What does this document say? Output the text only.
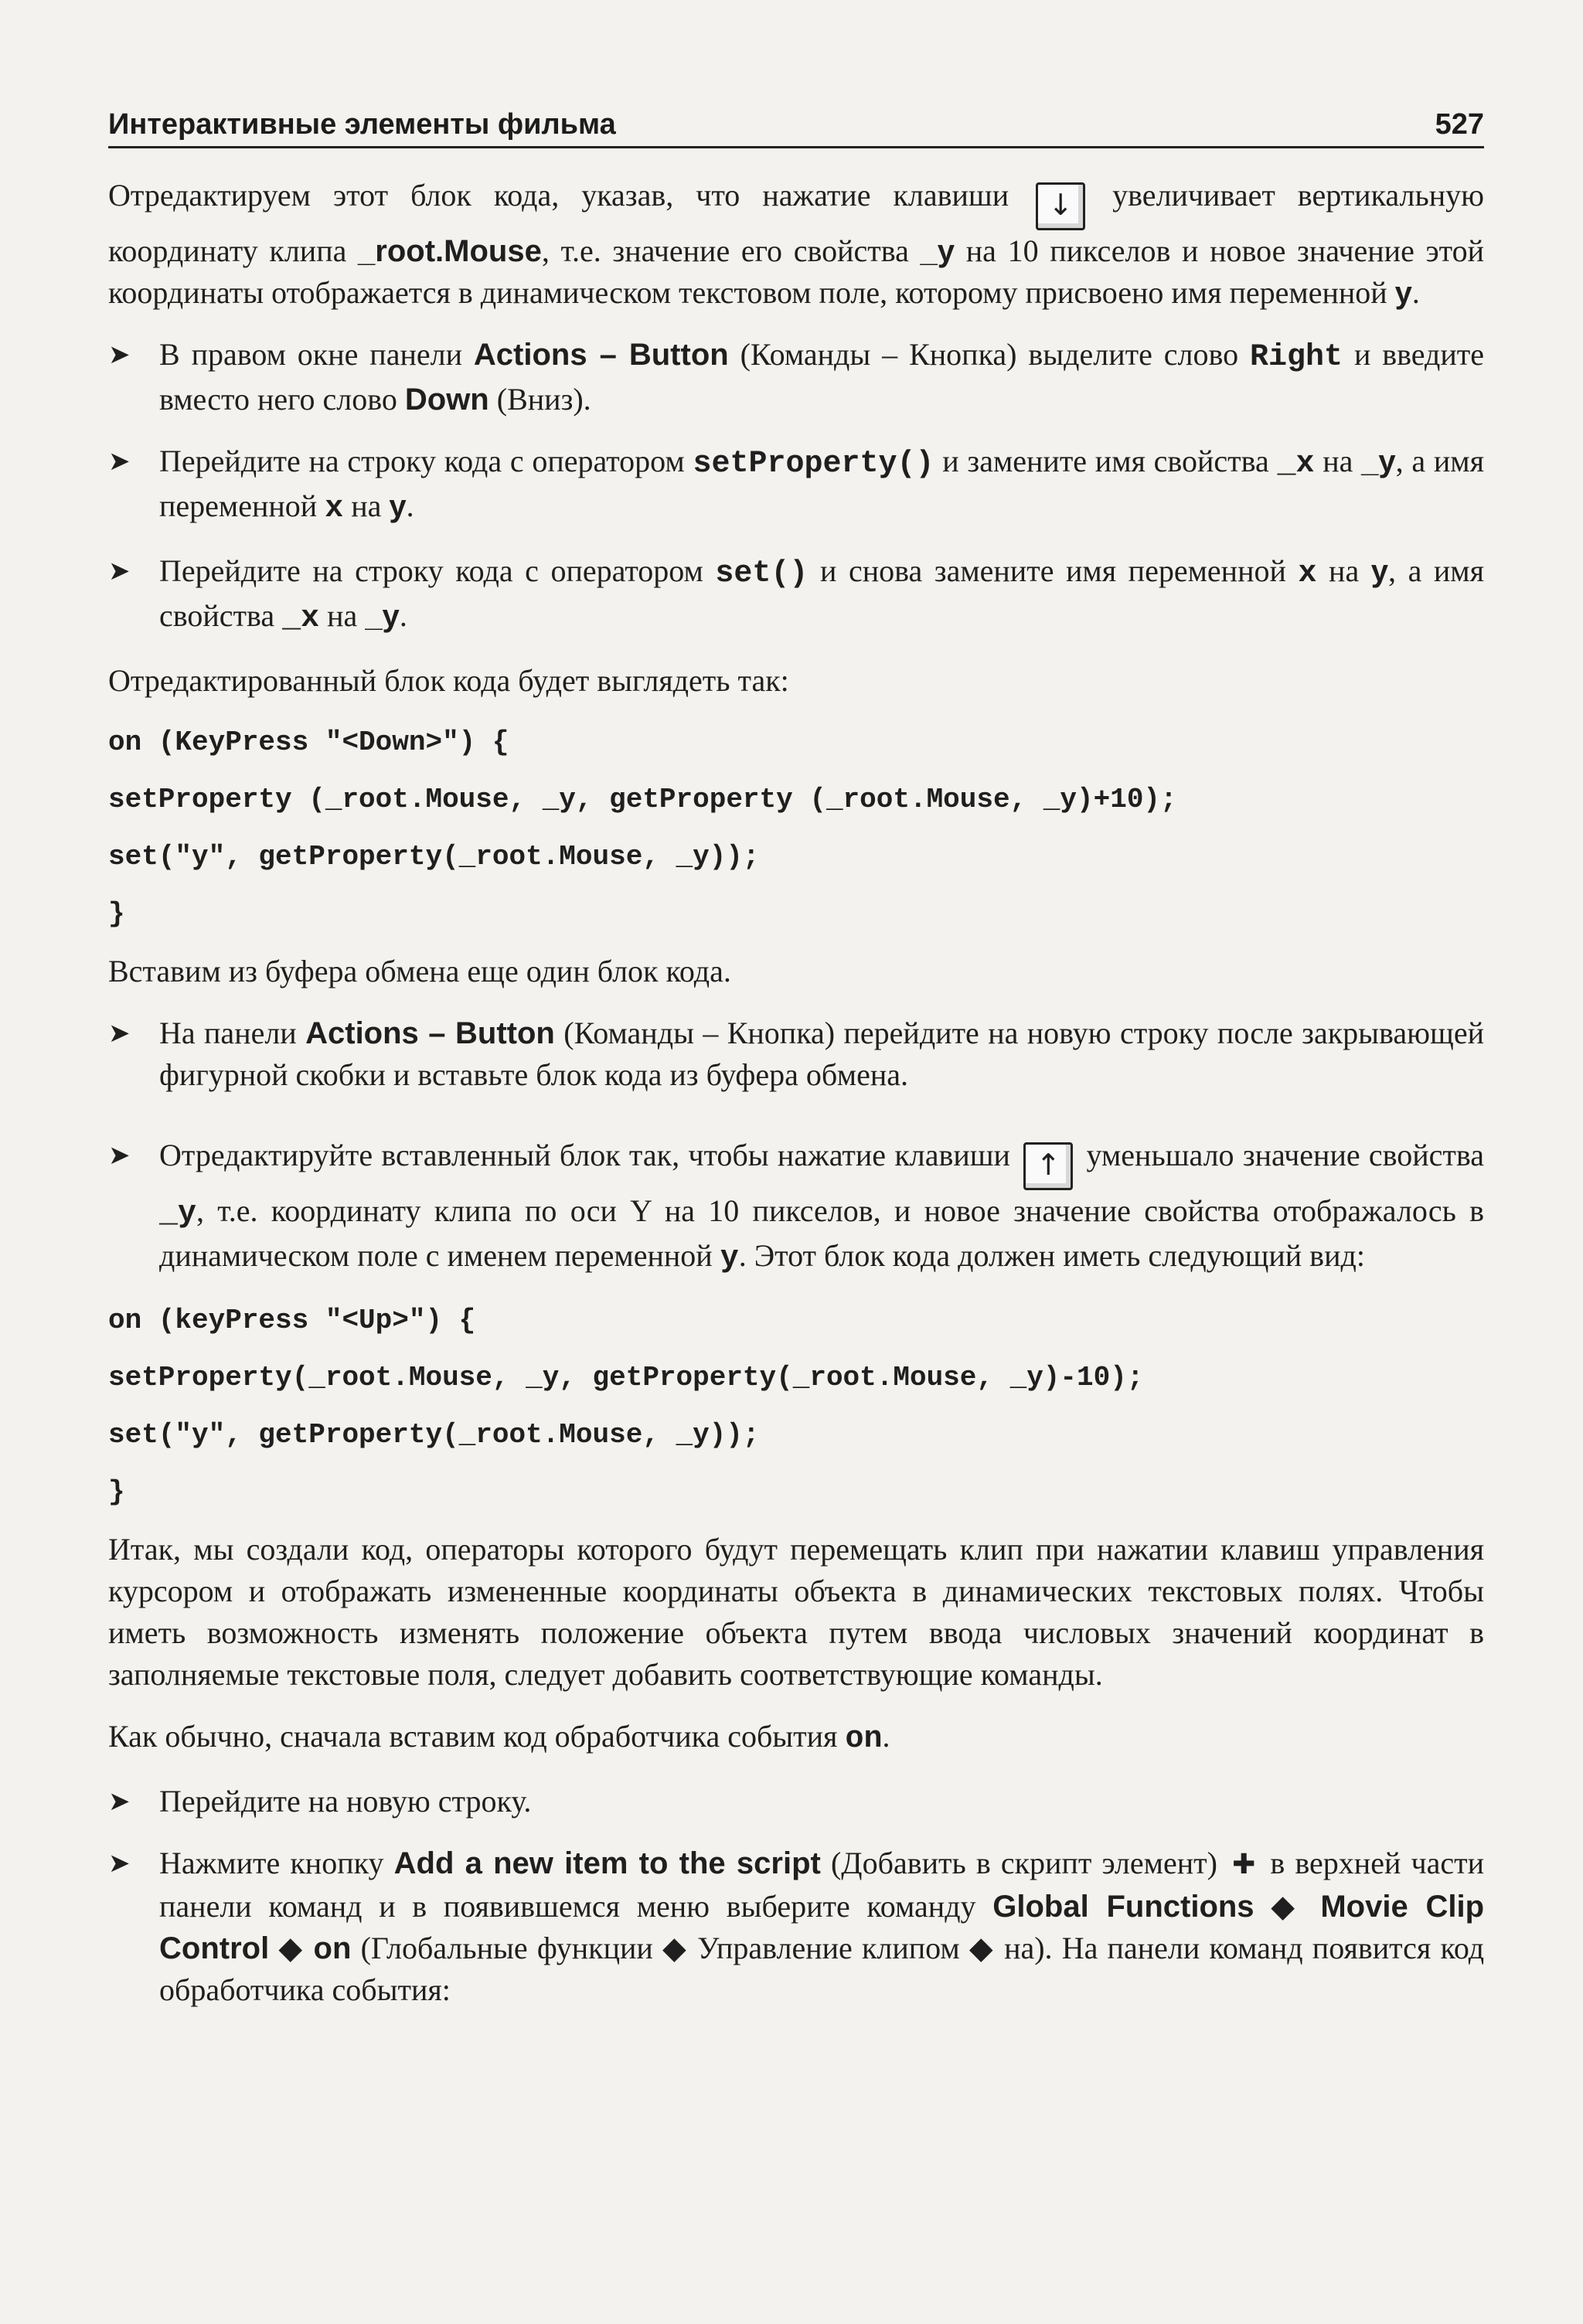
Интерактивные элементы фильма	527

Отредактируем этот блок кода, указав, что нажатие клавиши ↓ увеличивает вертикальную координату клипа _root.Mouse, т.е. значение его свойства _y на 10 пикселов и новое значение этой координаты отображается в динамическом текстовом поле, которому присвоено имя переменной y.

➤ В правом окне панели Actions – Button (Команды – Кнопка) выделите слово Right и введите вместо него слово Down (Вниз).
➤ Перейдите на строку кода с оператором setProperty() и замените имя свойства _x на _y, а имя переменной x на y.
➤ Перейдите на строку кода с оператором set() и снова замените имя переменной x на y, а имя свойства _x на _y.

Отредактированный блок кода будет выглядеть так:

on (KeyPress "<Down>") {
setProperty (_root.Mouse, _y, getProperty (_root.Mouse, _y)+10);
set("y", getProperty(_root.Mouse, _y));
}

Вставим из буфера обмена еще один блок кода.

➤ На панели Actions – Button (Команды – Кнопка) перейдите на новую строку после закрывающей фигурной скобки и вставьте блок кода из буфера обмена.
➤ Отредактируйте вставленный блок так, чтобы нажатие клавиши ↑ уменьшало значение свойства _y, т.е. координату клипа по оси Y на 10 пикселов, и новое значение свойства отображалось в динамическом поле с именем переменной y. Этот блок кода должен иметь следующий вид:
on (keyPress "<Up>") {
setProperty(_root.Mouse, _y, getProperty(_root.Mouse, _y)-10);
set("y", getProperty(_root.Mouse, _y));
}

Итак, мы создали код, операторы которого будут перемещать клип при нажатии клавиш управления курсором и отображать измененные координаты объекта в динамических текстовых полях. Чтобы иметь возможность изменять положение объекта путем ввода числовых значений координат в заполняемые текстовые поля, следует добавить соответствующие команды.

Как обычно, сначала вставим код обработчика события on.

➤ Перейдите на новую строку.
➤ Нажмите кнопку Add a new item to the script (Добавить в скрипт элемент) ✚ в верхней части панели команд и в появившемся меню выберите команду Global Functions ◆ Movie Clip Control ◆ on (Глобальные функции ◆ Управление клипом ◆ на). На панели команд появится код обработчика события:
